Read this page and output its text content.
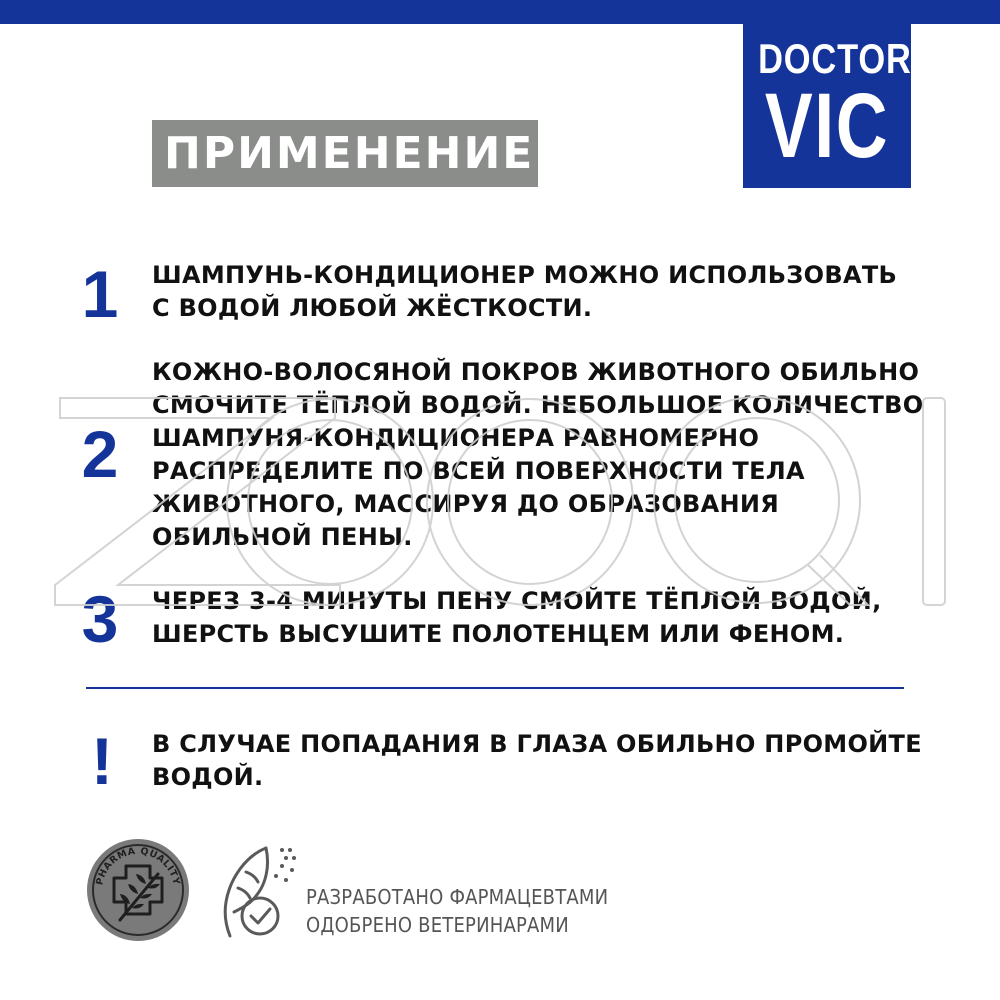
DOCTOR
VIC
ПРИМЕНЕНИЕ:
1 ШАМПУНЬ-КОНДИЦИОНЕР МОЖНО ИСПОЛЬЗОВАТЬ
С ВОДОЙ ЛЮБОЙ ЖЁСТКОСТИ.
2
КОЖНО-ВОЛОСЯНОЙ ПОКРОВ ЖИВОТНОГО ОБИЛЬНО
СМОЧИТЕ ТЁПЛОЙ ВОДОЙ. НЕБОЛЬШОЕ КОЛИЧЕСТВО
ШАМПУНЯ-КОНДИЦИОНЕРА РАВНОМЕРНО
РАСПРЕДЕЛИТЕ ПО ВСЕЙ ПОВЕРХНОСТИ ТЕЛА
ЖИВОТНОГО, МАССИРУЯ ДО ОБРАЗОВАНИЯ
ОБИЛЬНОЙ ПЕНЫ.
3 ЧЕРЕЗ 3-4 МИНУТЫ ПЕНУ СМОЙТЕ ТЁПЛОЙ ВОДОЙ,
ШЕРСТЬ ВЫСУШИТЕ ПОЛОТЕНЦЕМ ИЛИ ФЕНОМ.
! В СЛУЧАЕ ПОПАДАНИЯ В ГЛАЗА ОБИЛЬНО ПРОМОЙТЕ
ВОДОЙ.
ZOOQI
PHARMA QUALITY
РАЗРАБОТАНО ФАРМАЦЕВТАМИ
ОДОБРЕНО ВЕТЕРИНАРАМИ
